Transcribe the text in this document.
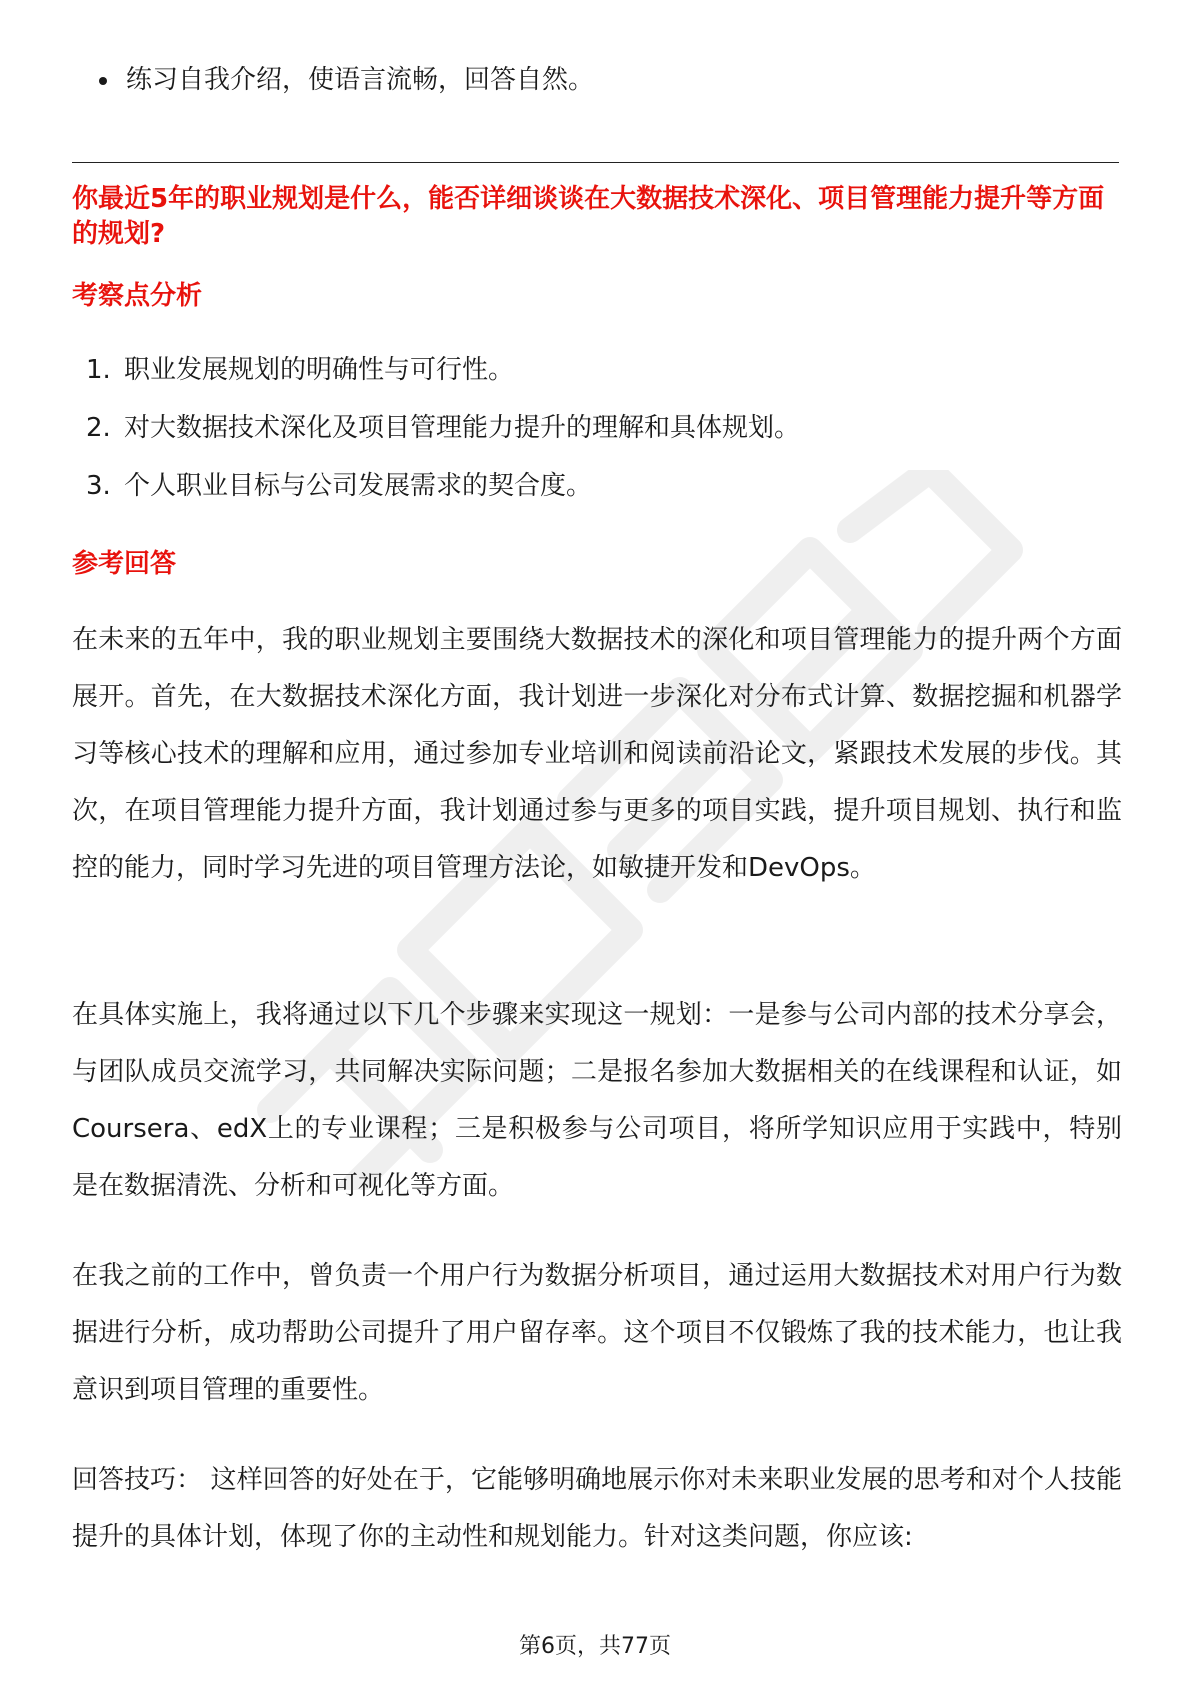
练习自我介绍，使语言流畅，回答自然。
你最近5年的职业规划是什么，能否详细谈谈在大数据技术深化、项目管理能力提升等方面的规划?
考察点分析
1. 职业发展规划的明确性与可行性。
2. 对大数据技术深化及项目管理能力提升的理解和具体规划。
3. 个人职业目标与公司发展需求的契合度。
参考回答

在未来的五年中，我的职业规划主要围绕大数据技术的深化和项目管理能力的提升两个方面展开。首先，在大数据技术深化方面，我计划进一步深化对分布式计算、数据挖掘和机器学习等核心技术的理解和应用，通过参加专业培训和阅读前沿论文，紧跟技术发展的步伐。其次，在项目管理能力提升方面，我计划通过参与更多的项目实践，提升项目规划、执行和监控的能力，同时学习先进的项目管理方法论，如敏捷开发和DevOps。

在具体实施上，我将通过以下几个步骤来实现这一规划：一是参与公司内部的技术分享会，与团队成员交流学习，共同解决实际问题；二是报名参加大数据相关的在线课程和认证，如Coursera、edX上的专业课程；三是积极参与公司项目，将所学知识应用于实践中，特别是在数据清洗、分析和可视化等方面。

在我之前的工作中，曾负责一个用户行为数据分析项目，通过运用大数据技术对用户行为数据进行分析，成功帮助公司提升了用户留存率。这个项目不仅锻炼了我的技术能力，也让我意识到项目管理的重要性。

回答技巧： 这样回答的好处在于，它能够明确地展示你对未来职业发展的思考和对个人技能提升的具体计划，体现了你的主动性和规划能力。针对这类问题，你应该:

第6页，共77页
